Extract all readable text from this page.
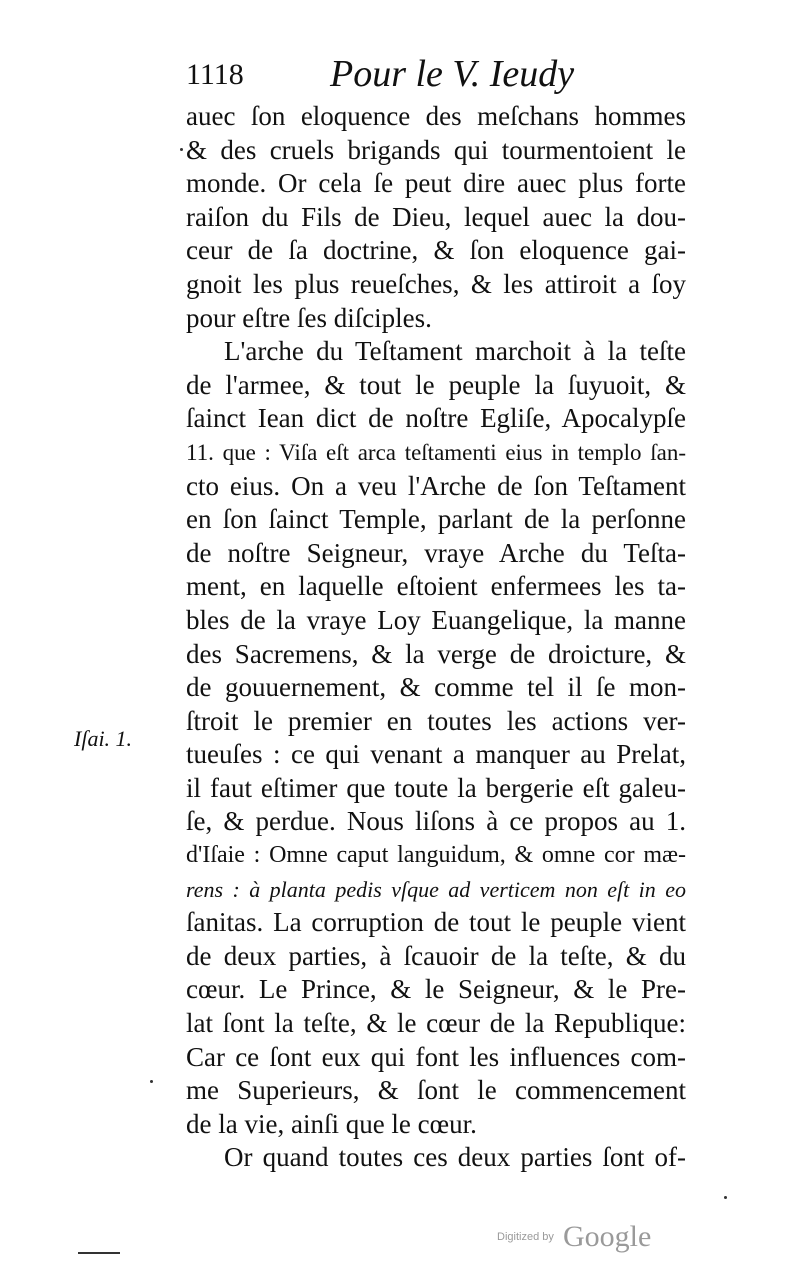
1118 Pour le V. Ieudy
auec ſon eloquence des meſchans hommes
& des cruels brigands qui tourmentoient le
monde. Or cela ſe peut dire auec plus forte
raiſon du Fils de Dieu, lequel auec la dou-
ceur de ſa doctrine, & ſon eloquence gai-
gnoit les plus reueſches, & les attiroit a ſoy
pour eſtre ſes diſciples.
L'arche du Teſtament marchoit à la teſte
de l'armee, & tout le peuple la ſuyuoit, &
ſainct Iean dict de noſtre Egliſe, Apocalypſe
11. que : Viſa eſt arca teſtamenti eius in templo ſan-
cto eius. On a veu l'Arche de ſon Teſtament
en ſon ſainct Temple, parlant de la perſonne
de noſtre Seigneur, vraye Arche du Teſta-
ment, en laquelle eſtoient enfermees les ta-
bles de la vraye Loy Euangelique, la manne
des Sacremens, & la verge de droicture, &
de gouuernement, & comme tel il ſe mon-
ſtroit le premier en toutes les actions ver-
tueuſes : ce qui venant a manquer au Prelat,
il faut eſtimer que toute la bergerie eſt galeu-
ſe, & perdue. Nous liſons à ce propos au 1.
d'Iſaie : Omne caput languidum, & omne cor mæ-
rens : à planta pedis vſque ad verticem non eſt in eo
ſanitas. La corruption de tout le peuple vient
de deux parties, à ſcauoir de la teſte, & du
cœur. Le Prince, & le Seigneur, & le Pre-
lat ſont la teſte, & le cœur de la Republique:
Car ce ſont eux qui font les influences com-
me Superieurs, & ſont le commencement
de la vie, ainſi que le cœur.
Or quand toutes ces deux parties ſont of-
Iſai. 1.
Digitized by Google
